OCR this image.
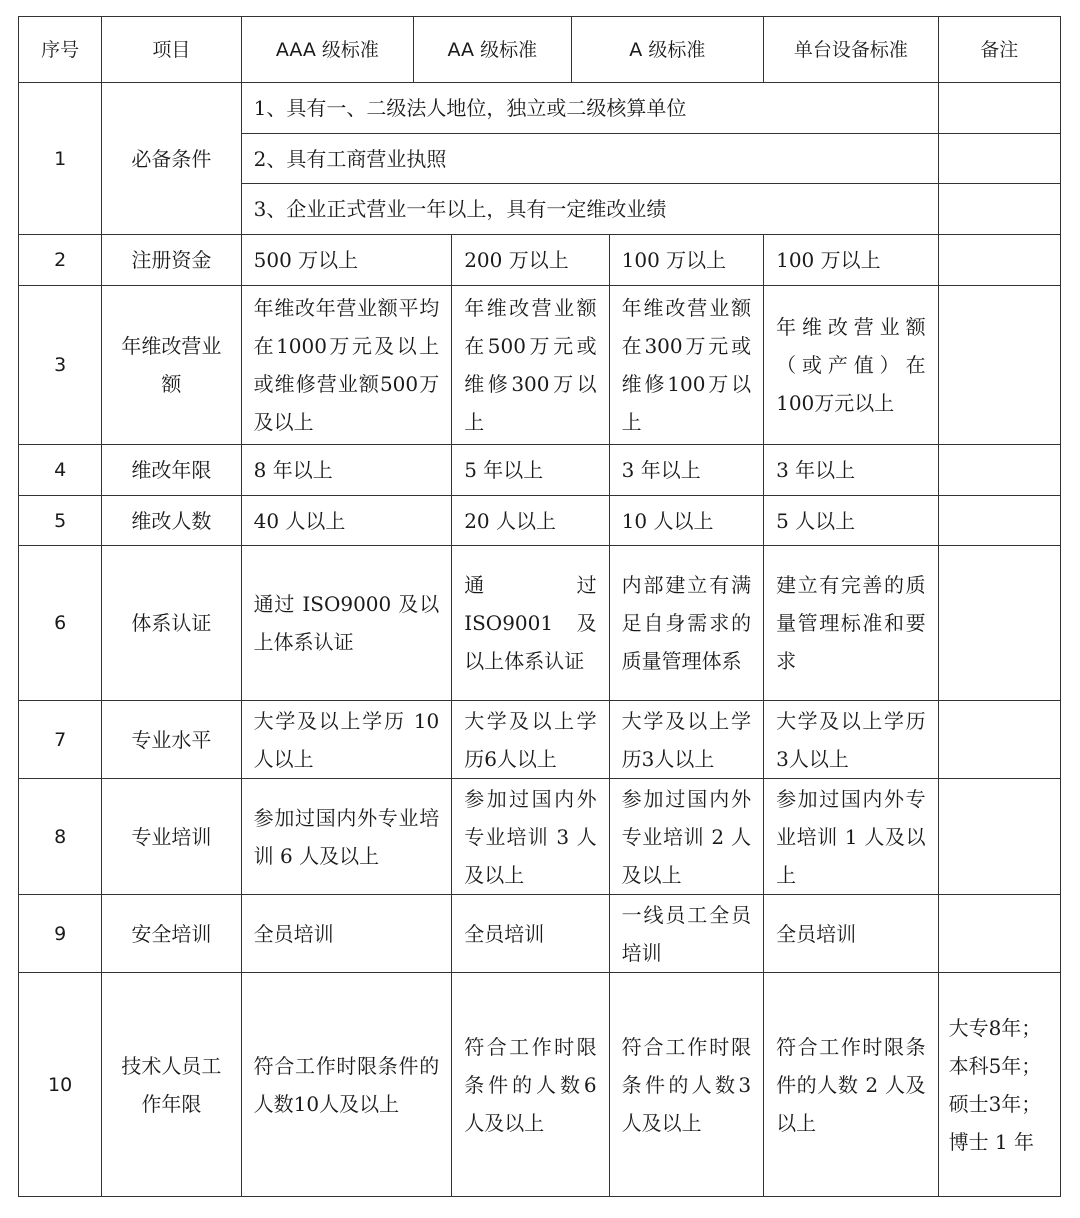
序号	项目	AAA 级标准	AA 级标准		A 级标准		单台设备标准	备注
1	必备条件	1、具有一、二级法人地位，独立或二级核算单位						
		2、具有工商营业执照						
		3、企业正式营业一年以上，具有一定维改业绩						
2	注册资金	500 万以上		200 万以上		100 万以上	100 万以上	
3	年维改营业额	年维改年营业额平均在1000万元及以上或维修营业额500万及以上		年维改营业额在500万元或维修300万以上		年维改营业额在300万元或维修100万以上	年维改营业额（或产值）在100万元以上	
4	维改年限	8 年以上		5 年以上		3 年以上	3 年以上	
5	维改人数	40 人以上		20 人以上		10 人以上	5 人以上	
6	体系认证	通过 ISO9000 及以上体系认证		通过 ISO9001 及以上体系认证		内部建立有满足自身需求的质量管理体系	建立有完善的质量管理标准和要求	
7	专业水平	大学及以上学历 10 人以上		大学及以上学历6人以上		大学及以上学历3人以上	大学及以上学历3人以上	
8	专业培训	参加过国内外专业培训 6 人及以上		参加过国内外专业培训 3 人及以上		参加过国内外专业培训 2 人及以上	参加过国内外专业培训 1 人及以上	
9	安全培训	全员培训		全员培训		一线员工全员培训	全员培训	
10	技术人员工作年限	符合工作时限条件的人数10人及以上		符合工作时限条件的人数6人及以上		符合工作时限条件的人数3人及以上	符合工作时限条件的人数 2 人及以上	大专8年；
本科5年；
硕士3年；
博士 1 年
